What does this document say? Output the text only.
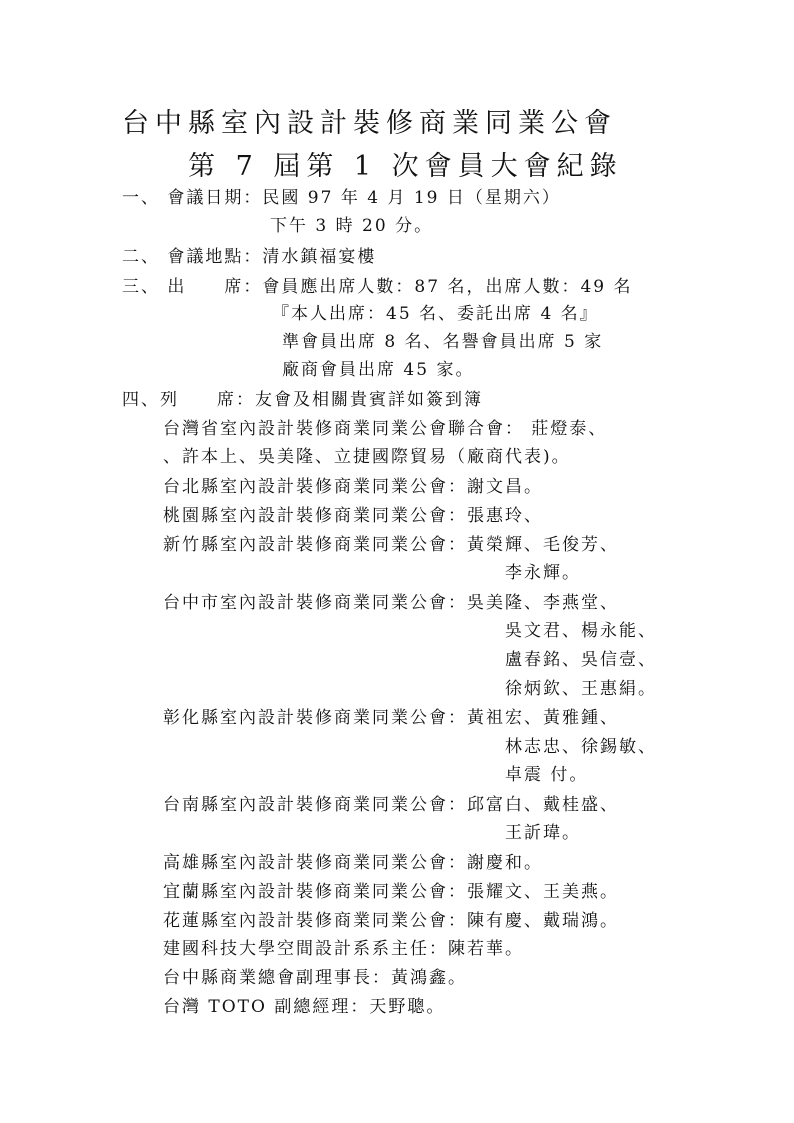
台中縣室內設計裝修商業同業公會
第 7 屆第 1 次會員大會紀錄
一、 會議日期：民國 97 年 4 月 19 日（星期六）
下午 3 時 20 分。
二、 會議地點：清水鎮福宴樓
三、 出　　席：會員應出席人數：87 名，出席人數：49 名
『本人出席：45 名、委託出席 4 名』
準會員出席 8 名、名譽會員出席 5 家
廠商會員出席 45 家。
四、列　　席：友會及相關貴賓詳如簽到簿
台灣省室內設計裝修商業同業公會聯合會： 莊燈泰、
、許本上、吳美隆、立捷國際貿易（廠商代表)。
台北縣室內設計裝修商業同業公會：謝文昌。
桃園縣室內設計裝修商業同業公會：張惠玲、
新竹縣室內設計裝修商業同業公會：黃榮輝、毛俊芳、
李永輝。
台中市室內設計裝修商業同業公會：吳美隆、李燕堂、
吳文君、楊永能、
盧春銘、吳信壹、
徐炳欽、王惠絹。
彰化縣室內設計裝修商業同業公會：黃祖宏、黃雅鍾、
林志忠、徐錫敏、
卓震 付。
台南縣室內設計裝修商業同業公會：邱富白、戴桂盛、
王訢瑋。
高雄縣室內設計裝修商業同業公會：謝慶和。
宜蘭縣室內設計裝修商業同業公會：張耀文、王美燕。
花蓮縣室內設計裝修商業同業公會：陳有慶、戴瑞鴻。
建國科技大學空間設計系系主任：陳若華。
台中縣商業總會副理事長：黃鴻鑫。
台灣 TOTO 副總經理：天野聰。
